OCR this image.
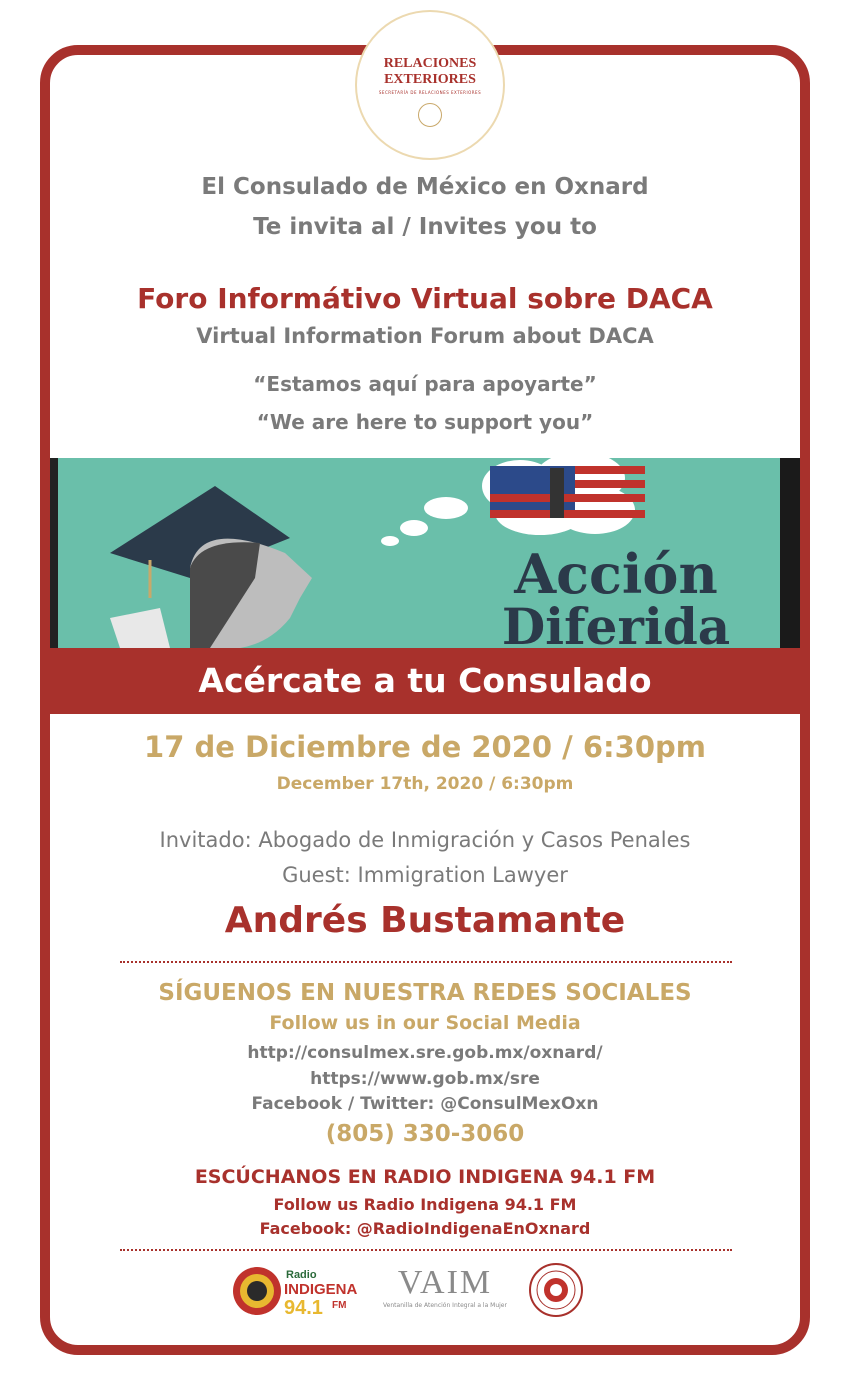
RELACIONES
EXTERIORES
SECRETARÍA DE RELACIONES EXTERIORES
El Consulado de México en Oxnard
Te invita al / Invites you to
Foro Informátivo Virtual sobre DACA
Virtual Information Forum about DACA
“Estamos aquí para apoyarte”
“We are here to support you”
Acción
Diferida
Acércate a tu Consulado
17 de Diciembre de 2020 / 6:30pm
December 17th, 2020 / 6:30pm
Invitado: Abogado de Inmigración y Casos Penales
Guest: Immigration Lawyer
Andrés Bustamante
SÍGUENOS EN NUESTRA REDES SOCIALES
Follow us in our Social Media
http://consulmex.sre.gob.mx/oxnard/
https://www.gob.mx/sre
Facebook / Twitter: @ConsulMexOxn
(805) 330-3060
ESCÚCHANOS EN RADIO INDIGENA 94.1 FM
Follow us Radio Indigena 94.1 FM
Facebook: @RadioIndigenaEnOxnard
Radio
INDIGENA
94.1 FM
VAIM
Ventanilla de Atención Integral a la Mujer
